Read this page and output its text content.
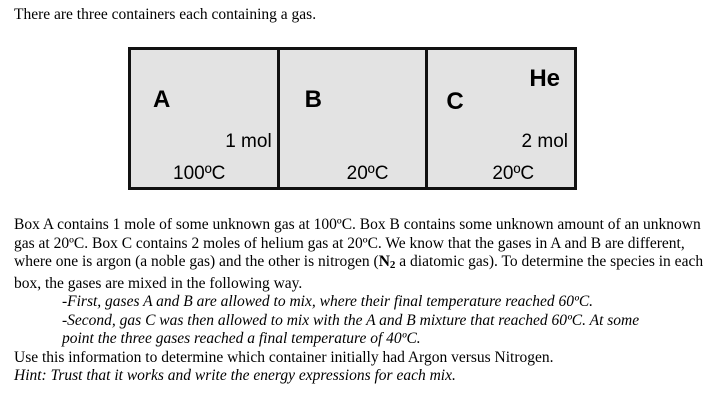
There are three containers each containing a gas.
A
1 mol
100ºC
B
20ºC
C
He
2 mol
20ºC

Box A contains 1 mole of some unknown gas at 100ºC. Box B contains some unknown amount of an unknown gas at 20ºC. Box C contains 2 moles of helium gas at 20ºC. We know that the gases in A and B are different, where one is argon (a noble gas) and the other is nitrogen (N2 a diatomic gas). To determine the species in each box, the gases are mixed in the following way.

-First, gases A and B are allowed to mix, where their final temperature reached 60ºC.

-Second, gas C was then allowed to mix with the A and B mixture that reached 60ºC. At some

point the three gases reached a final temperature of 40ºC.

Use this information to determine which container initially had Argon versus Nitrogen.

Hint: Trust that it works and write the energy expressions for each mix.
